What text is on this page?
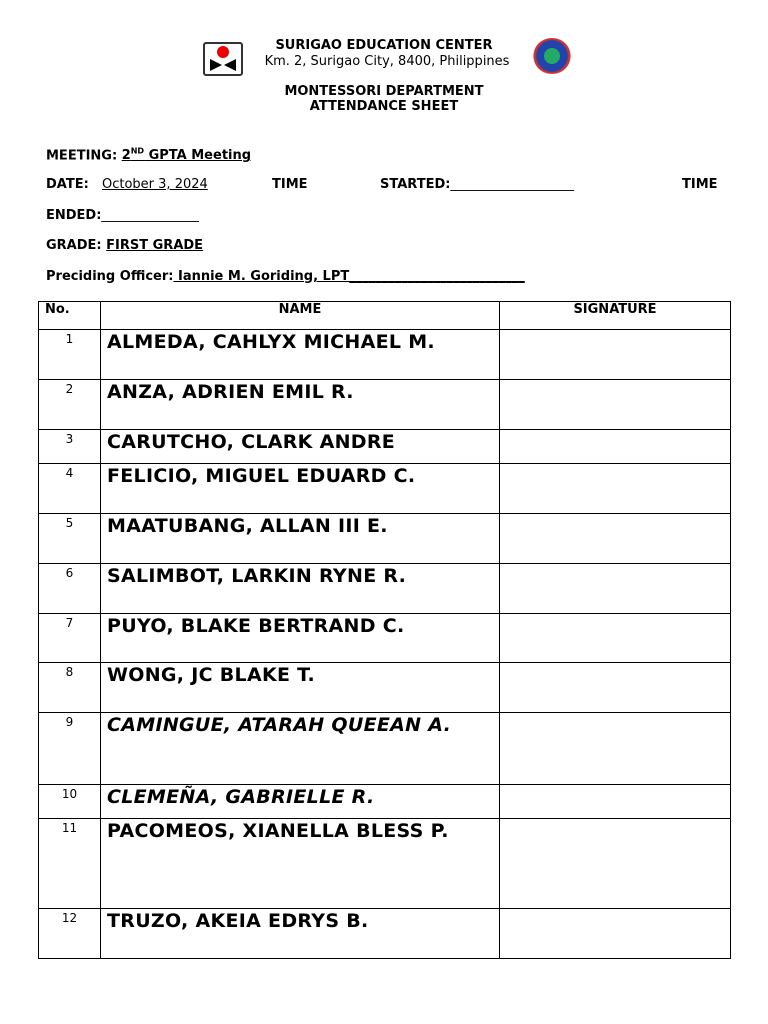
SURIGAO EDUCATION CENTER
Km. 2, Surigao City, 8400, Philippines
MONTESSORI DEPARTMENT
ATTENDANCE SHEET
MEETING: 2ND GPTA Meeting
DATE: October 3, 2024	TIME	STARTED:___________________	TIME
ENDED:_______________
GRADE: FIRST GRADE
Preciding Officer: Iannie M. Goriding, LPT___________________________
No.	NAME	SIGNATURE
1	ALMEDA, CAHLYX MICHAEL M.	
2	ANZA, ADRIEN EMIL R.	
3	CARUTCHO, CLARK ANDRE	
4	FELICIO, MIGUEL EDUARD C.	
5	MAATUBANG, ALLAN III E.	
6	SALIMBOT, LARKIN RYNE R.	
7	PUYO, BLAKE BERTRAND C.	
8	WONG, JC BLAKE T.	
9	CAMINGUE, ATARAH QUEEAN A.	
10	CLEMEÑA, GABRIELLE R.	
11	PACOMEOS, XIANELLA BLESS P.	
12	TRUZO, AKEIA EDRYS B.	
